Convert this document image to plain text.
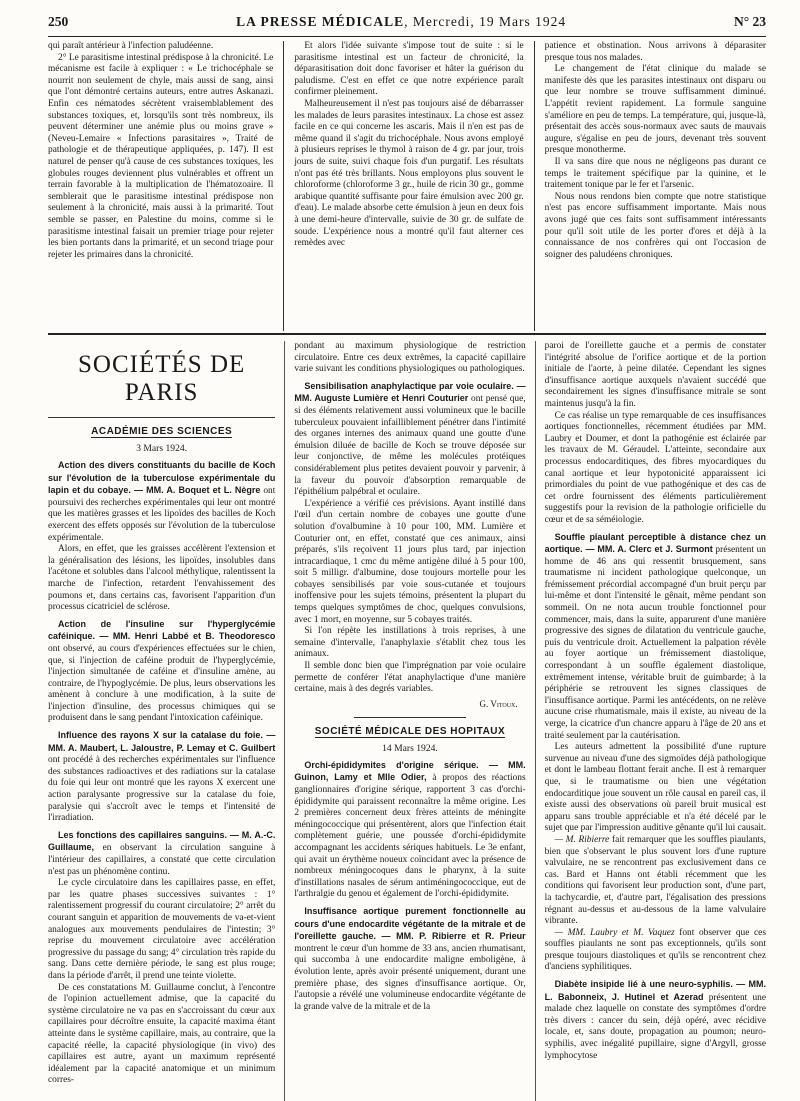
250	LA PRESSE MÉDICALE, Mercredi, 19 Mars 1924	N° 23

qui paraît antérieur à l'infection paludéenne.

2° Le parasitisme intestinal prédispose à la chronicité. Le mécanisme est facile à expliquer : « Le trichocéphale se nourrit non seulement de chyle, mais aussi de sang, ainsi que l'ont démontré certains auteurs, entre autres Askanazi. Enfin ces nématodes sécrètent vraisemblablement des substances toxiques, et, lorsqu'ils sont très nombreux, ils peuvent déterminer une anémie plus ou moins grave » (Neveu-Lemaire « Infections parasitaires », Traité de pathologie et de thérapeutique appliquées, p. 147). Il est naturel de penser qu'à cause de ces substances toxiques, les globules rouges deviennent plus vulnérables et offrent un terrain favorable à la multiplication de l'hématozoaire. Il semblerait que le parasitisme intestinal prédispose non seulement à la chronicité, mais aussi à la primarité. Tout semble se passer, en Palestine du moins, comme si le parasitisme intestinal faisait un premier triage pour rejeter les bien portants dans la primarité, et un second triage pour rejeter les primaires dans la chronicité.

Et alors l'idée suivante s'impose tout de suite : si le parasitisme intestinal est un facteur de chronicité, la déparasitisation doit donc favoriser et hâter la guérison du paludisme. C'est en effet ce que notre expérience paraît confirmer pleinement.

Malheureusement il n'est pas toujours aisé de débarrasser les malades de leurs parasites intestinaux. La chose est assez facile en ce qui concerne les ascaris. Mais il n'en est pas de même quand il s'agit du trichocéphale. Nous avons employé à plusieurs reprises le thymol à raison de 4 gr. par jour, trois jours de suite, suivi chaque fois d'un purgatif. Les résultats n'ont pas été très brillants. Nous employons plus souvent le chloroforme (chloroforme 3 gr., huile de ricin 30 gr., gomme arabique quantité suffisante pour faire émulsion avec 200 gr. d'eau). Le malade absorbe cette émulsion à jeun en deux fois à une demi-heure d'intervalle, suivie de 30 gr. de sulfate de soude. L'expérience nous a montré qu'il faut alterner ces remèdes avec

patience et obstination. Nous arrivons à déparasiter presque tous nos malades.

Le changement de l'état clinique du malade se manifeste dès que les parasites intestinaux ont disparu ou que leur nombre se trouve suffisamment diminué. L'appétit revient rapidement. La formule sanguine s'améliore en peu de temps. La température, qui, jusque-là, présentait des accès sous-normaux avec sauts de mauvais augure, s'égalise en peu de jours, devenant très souvent presque monotherme.

Il va sans dire que nous ne négligeons pas durant ce temps le traitement spécifique par la quinine, et le traitement tonique par le fer et l'arsenic.

Nous nous rendons bien compte que notre statistique n'est pas encore suffisamment importante. Mais nous avons jugé que ces faits sont suffisamment intéressants pour qu'il soit utile de les porter d'ores et déjà à la connaissance de nos confrères qui ont l'occasion de soigner des paludéens chroniques.

SOCIÉTÉS DE PARIS
ACADÉMIE DES SCIENCES
3 Mars 1924.

Action des divers constituants du bacille de Koch sur l'évolution de la tuberculose expérimentale du lapin et du cobaye. — MM. A. Boquet et L. Nègre ont poursuivi des recherches expérimentales qui leur ont montré que les matières grasses et les lipoïdes des bacilles de Koch exercent des effets opposés sur l'évolution de la tuberculose expérimentale.

Alors, en effet, que les graisses accélèrent l'extension et la généralisation des lésions, les lipoïdes, insolubles dans l'acétone et solubles dans l'alcool méthylique, ralentissent la marche de l'infection, retardent l'envahissement des poumons et, dans certains cas, favorisent l'apparition d'un processus cicatriciel de sclérose.

Action de l'insuline sur l'hyperglycémie caféinique. — MM. Henri Labbé et B. Theodoresco ont observé, au cours d'expériences effectuées sur le chien, que, si l'injection de caféine produit de l'hyperglycémie, l'injection simultanée de caféine et d'insuline amène, au contraire, de l'hypoglycémie. De plus, leurs observations les amènent à conclure à une modification, à la suite de l'injection d'insuline, des processus chimiques qui se produisent dans le sang pendant l'intoxication caféinique.

Influence des rayons X sur la catalase du foie. — MM. A. Maubert, L. Jaloustre, P. Lemay et C. Guilbert ont procédé à des recherches expérimentales sur l'influence des substances radioactives et des radiations sur la catalase du foie qui leur ont montré que les rayons X exercent une action paralysante progressive sur la catalase du foie, paralysie qui s'accroît avec le temps et l'intensité de l'irradiation.

Les fonctions des capillaires sanguins. — M. A.-C. Guillaume, en observant la circulation sanguine à l'intérieur des capillaires, a constaté que cette circulation n'est pas un phénomène continu.

Le cycle circulatoire dans les capillaires passe, en effet, par les quatre phases successives suivantes : 1° ralentissement progressif du courant circulatoire; 2° arrêt du courant sanguin et apparition de mouvements de va-et-vient analogues aux mouvements pendulaires de l'intestin; 3° reprise du mouvement circulatoire avec accélération progressive du passage du sang; 4° circulation très rapide du sang. Dans cette dernière période, le sang est plus rouge; dans la période d'arrêt, il prend une teinte violette.

De ces constatations M. Guillaume conclut, à l'encontre de l'opinion actuellement admise, que la capacité du système circulatoire ne va pas en s'accroissant du cœur aux capillaires pour décroître ensuite, la capacité maxima étant atteinte dans le système capillaire, mais, au contraire, que la capacité réelle, la capacité physiologique (in vivo) des capillaires est autre, ayant un maximum représenté idéalement par la capacité anatomique et un minimum corres-

pondant au maximum physiologique de restriction circulatoire. Entre ces deux extrêmes, la capacité capillaire varie suivant les conditions physiologiques ou pathologiques.

Sensibilisation anaphylactique par voie oculaire. — MM. Auguste Lumière et Henri Couturier ont pensé que, si des éléments relativement aussi volumineux que le bacille tuberculeux pouvaient infailliblement pénétrer dans l'intimité des organes internes des animaux quand une goutte d'une émulsion diluée de bacille de Koch se trouve déposée sur leur conjonctive, de même les molécules protéiques considérablement plus petites devaient pouvoir y parvenir, à la faveur du pouvoir d'absorption remarquable de l'épithélium palpébral et oculaire.

L'expérience a vérifié ces prévisions. Ayant instillé dans l'œil d'un certain nombre de cobayes une goutte d'une solution d'ovalbumine à 10 pour 100, MM. Lumière et Couturier ont, en effet, constaté que ces animaux, ainsi préparés, s'ils reçoivent 11 jours plus tard, par injection intracardiaque, 1 cmc du même antigène dilué à 5 pour 100, soit 5 milligr. d'albumine, dose toujours mortelle pour les cobayes sensibilisés par voie sous-cutanée et toujours inoffensive pour les sujets témoins, présentent la plupart du temps quelques symptômes de choc, quelques convulsions, avec 1 mort, en moyenne, sur 5 cobayes traités.

Si l'on répète les instillations à trois reprises, à une semaine d'intervalle, l'anaphylaxie s'établit chez tous les animaux.

Il semble donc bien que l'imprégnation par voie oculaire permette de conférer l'état anaphylactique d'une manière certaine, mais à des degrés variables.

G. Vitoux.
SOCIÉTÉ MÉDICALE DES HOPITAUX
14 Mars 1924.

Orchi-épididymites d'origine sérique. — MM. Guinon, Lamy et Mlle Odier, à propos des réactions ganglionnaires d'origine sérique, rapportent 3 cas d'orchi-épididymite qui paraissent reconnaître la même origine. Les 2 premières concernent deux frères atteints de méningite méningococcique qui présentèrent, alors que l'infection était complètement guérie, une poussée d'orchi-épididymite accompagnant les accidents sériques habituels. Le 3e enfant, qui avait un érythème noueux coïncidant avec la présence de nombreux méningocoques dans le pharynx, à la suite d'instillations nasales de sérum antiméningococcique, eut de l'arthralgie du genou et également de l'orchi-épididymite.

Insuffisance aortique purement fonctionnelle au cours d'une endocardite végétante de la mitrale et de l'oreillette gauche. — MM. P. Ribierre et R. Prieur montrent le cœur d'un homme de 33 ans, ancien rhumatisant, qui succomba à une endocardite maligne emboligène, à évolution lente, après avoir présenté uniquement, durant une première phase, des signes d'insuffisance aortique. Or, l'autopsie a révélé une volumineuse endocardite végétante de la grande valve de la mitrale et de la

paroi de l'oreillette gauche et a permis de constater l'intégrité absolue de l'orifice aortique et de la portion initiale de l'aorte, à peine dilatée. Cependant les signes d'insuffisance aortique auxquels n'avaient succédé que secondairement les signes d'insuffisance mitrale se sont maintenus jusqu'à la fin.

Ce cas réalise un type remarquable de ces insuffisances aortiques fonctionnelles, récemment étudiées par MM. Laubry et Doumer, et dont la pathogénie est éclairée par les travaux de M. Géraudel. L'atteinte, secondaire aux processus endocarditiques, des fibres myocardiques du canal aortique et leur hypotonicité apparaissent ici primordiales du point de vue pathogénique et des cas de cet ordre fournissent des éléments particulièrement suggestifs pour la revision de la pathologie orificielle du cœur et de sa séméiologie.

Souffle piaulant perceptible à distance chez un aortique. — MM. A. Clerc et J. Surmont présentent un homme de 46 ans qui ressentit brusquement, sans traumatisme ni incident pathologique quelconque, un frémissement précordial accompagné d'un bruit perçu par lui-même et dont l'intensité le gênait, même pendant son sommeil. On ne nota aucun trouble fonctionnel pour commencer, mais, dans la suite, apparurent d'une manière progressive des signes de dilatation du ventricule gauche, puis du ventricule droit. Actuellement la palpation révèle au foyer aortique un frémissement diastolique, correspondant à un souffle également diastolique, extrêmement intense, véritable bruit de guimbarde; à la périphérie se retrouvent les signes classiques de l'insuffisance aortique. Parmi les antécédents, on ne relève aucune crise rhumatismale, mais il existe, au niveau de la verge, la cicatrice d'un chancre apparu à l'âge de 20 ans et traité seulement par la cautérisation.

Les auteurs admettent la possibilité d'une rupture survenue au niveau d'une des sigmoïdes déjà pathologique et dont le lambeau flottant ferait anche. Il est à remarquer que, si le traumatisme ou bien une végétation endocarditique joue souvent un rôle causal en pareil cas, il existe aussi des observations où pareil bruit musical est apparu sans trouble appréciable et n'a été décelé par le sujet que par l'impression auditive gênante qu'il lui causait.

— M. Ribierre fait remarquer que les souffles piaulants, bien que s'observant le plus souvent lors d'une rupture valvulaire, ne se rencontrent pas exclusivement dans ce cas. Bard et Hanns ont établi récemment que les conditions qui favorisent leur production sont, d'une part, la tachycardie, et, d'autre part, l'égalisation des pressions régnant au-dessus et au-dessous de la lame valvulaire vibrante.

— MM. Laubry et M. Vaquez font observer que ces souffles piaulants ne sont pas exceptionnels, qu'ils sont presque toujours diastoliques et qu'ils se rencontrent chez d'anciens syphilitiques.

Diabète insipide lié à une neuro-syphilis. — MM. L. Babonneix, J. Hutinel et Azerad présentent une malade chez laquelle on constate des symptômes d'ordre très divers : cancer du sein, déjà opéré, avec récidive locale, et, sans doute, propagation au poumon; neuro-syphilis, avec inégalité pupillaire, signe d'Argyll, grosse lymphocytose
